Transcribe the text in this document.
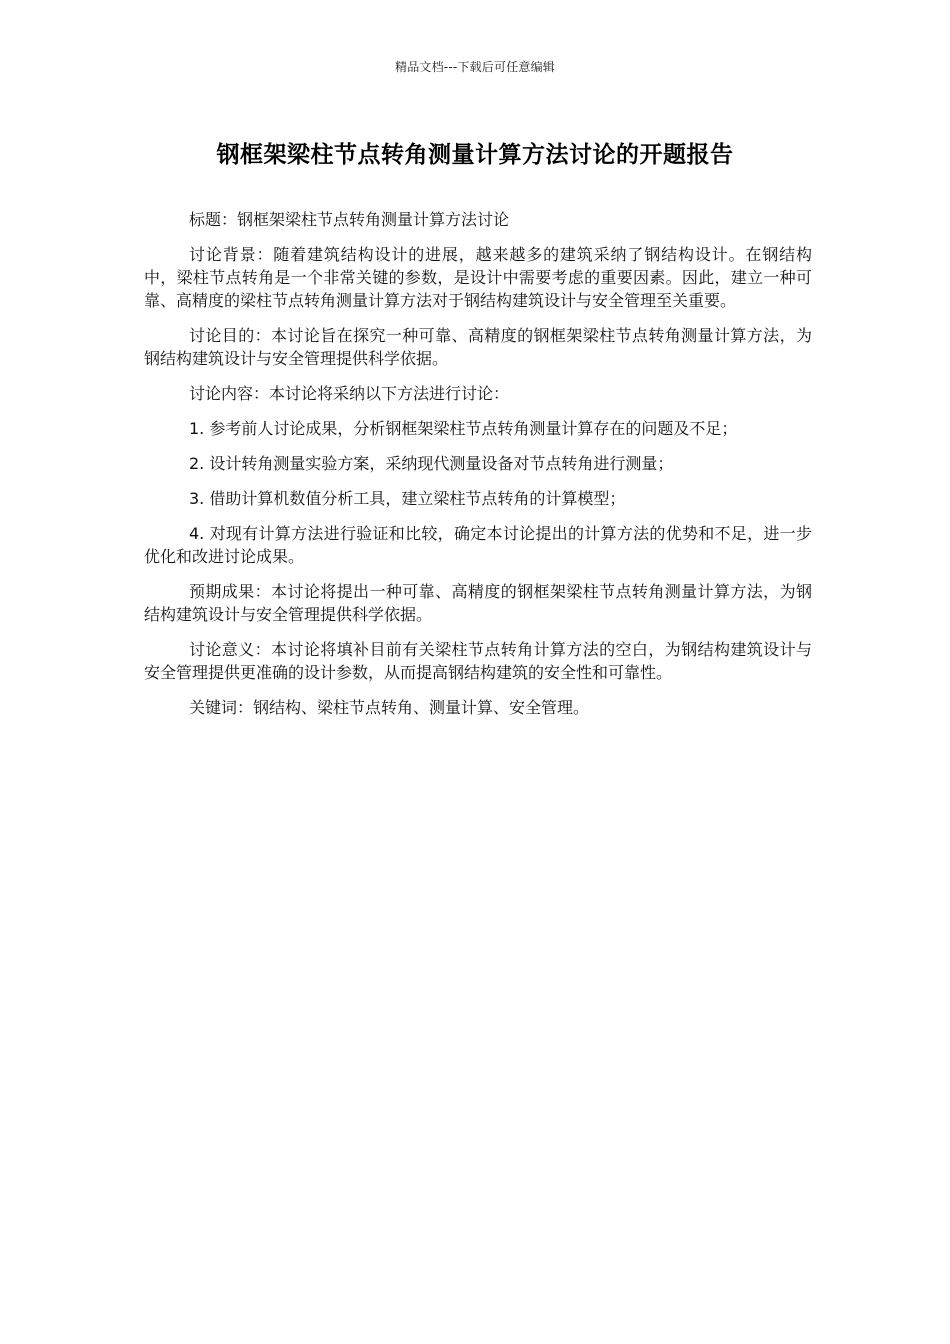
精品文档---下载后可任意编辑
钢框架梁柱节点转角测量计算方法讨论的开题报告

标题：钢框架梁柱节点转角测量计算方法讨论

讨论背景：随着建筑结构设计的进展，越来越多的建筑采纳了钢结构设计。在钢结构中，梁柱节点转角是一个非常关键的参数，是设计中需要考虑的重要因素。因此，建立一种可靠、高精度的梁柱节点转角测量计算方法对于钢结构建筑设计与安全管理至关重要。

讨论目的：本讨论旨在探究一种可靠、高精度的钢框架梁柱节点转角测量计算方法，为钢结构建筑设计与安全管理提供科学依据。

讨论内容：本讨论将采纳以下方法进行讨论：

1. 参考前人讨论成果，分析钢框架梁柱节点转角测量计算存在的问题及不足；

2. 设计转角测量实验方案，采纳现代测量设备对节点转角进行测量；

3. 借助计算机数值分析工具，建立梁柱节点转角的计算模型；

4. 对现有计算方法进行验证和比较，确定本讨论提出的计算方法的优势和不足，进一步优化和改进讨论成果。

预期成果：本讨论将提出一种可靠、高精度的钢框架梁柱节点转角测量计算方法，为钢结构建筑设计与安全管理提供科学依据。

讨论意义：本讨论将填补目前有关梁柱节点转角计算方法的空白，为钢结构建筑设计与安全管理提供更准确的设计参数，从而提高钢结构建筑的安全性和可靠性。

关键词：钢结构、梁柱节点转角、测量计算、安全管理。
